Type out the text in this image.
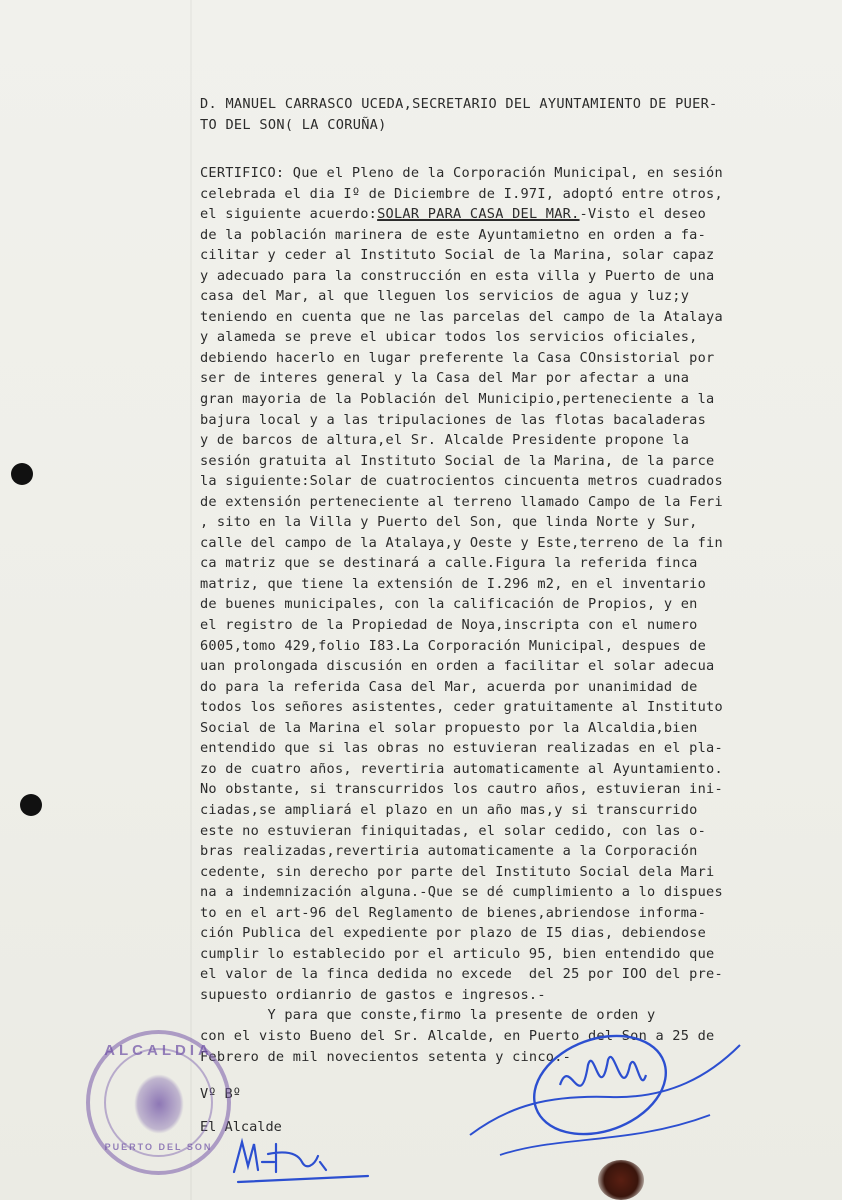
D. MANUEL CARRASCO UCEDA,SECRETARIO DEL AYUNTAMIENTO DE PUER-
TO DEL SON( LA CORUÑA)
CERTIFICO: Que el Pleno de la Corporación Municipal, en sesión
celebrada el dia Iº de Diciembre de I.97I, adoptó entre otros,
el siguiente acuerdo:SOLAR PARA CASA DEL MAR.-Visto el deseo
de la población marinera de este Ayuntamietno en orden a fa-
cilitar y ceder al Instituto Social de la Marina, solar capaz
y adecuado para la construcción en esta villa y Puerto de una
casa del Mar, al que lleguen los servicios de agua y luz;y
teniendo en cuenta que ne las parcelas del campo de la Atalaya
y alameda se preve el ubicar todos los servicios oficiales,
debiendo hacerlo en lugar preferente la Casa COnsistorial por
ser de interes general y la Casa del Mar por afectar a una
gran mayoria de la Población del Municipio,perteneciente a la
bajura local y a las tripulaciones de las flotas bacaladeras
y de barcos de altura,el Sr. Alcalde Presidente propone la
sesión gratuita al Instituto Social de la Marina, de la parce
la siguiente:Solar de cuatrocientos cincuenta metros cuadrados
de extensión perteneciente al terreno llamado Campo de la Feri
, sito en la Villa y Puerto del Son, que linda Norte y Sur,
calle del campo de la Atalaya,y Oeste y Este,terreno de la fin
ca matriz que se destinará a calle.Figura la referida finca
matriz, que tiene la extensión de I.296 m2, en el inventario
de buenes municipales, con la calificación de Propios, y en
el registro de la Propiedad de Noya,inscripta con el numero
6005,tomo 429,folio I83.La Corporación Municipal, despues de
uan prolongada discusión en orden a facilitar el solar adecua
do para la referida Casa del Mar, acuerda por unanimidad de
todos los señores asistentes, ceder gratuitamente al Instituto
Social de la Marina el solar propuesto por la Alcaldia,bien
entendido que si las obras no estuvieran realizadas en el pla-
zo de cuatro años, revertiria automaticamente al Ayuntamiento.
No obstante, si transcurridos los cautro años, estuvieran ini-
ciadas,se ampliará el plazo en un año mas,y si transcurrido
este no estuvieran finiquitadas, el solar cedido, con las o-
bras realizadas,revertiria automaticamente a la Corporación
cedente, sin derecho por parte del Instituto Social dela Mari
na a indemnización alguna.-Que se dé cumplimiento a lo dispues
to en el art-96 del Reglamento de bienes,abriendose informa-
ción Publica del expediente por plazo de I5 dias, debiendose
cumplir lo establecido por el articulo 95, bien entendido que
el valor de la finca dedida no excede  del 25 por IOO del pre-
supuesto ordianrio de gastos e ingresos.-
Y para que conste,firmo la presente de orden y
con el visto Bueno del Sr. Alcalde, en Puerto del Son a 25 de
Febrero de mil novecientos setenta y cinco.-
Vº Bº
El Alcalde
ALCALDIA
PUERTO DEL SON
